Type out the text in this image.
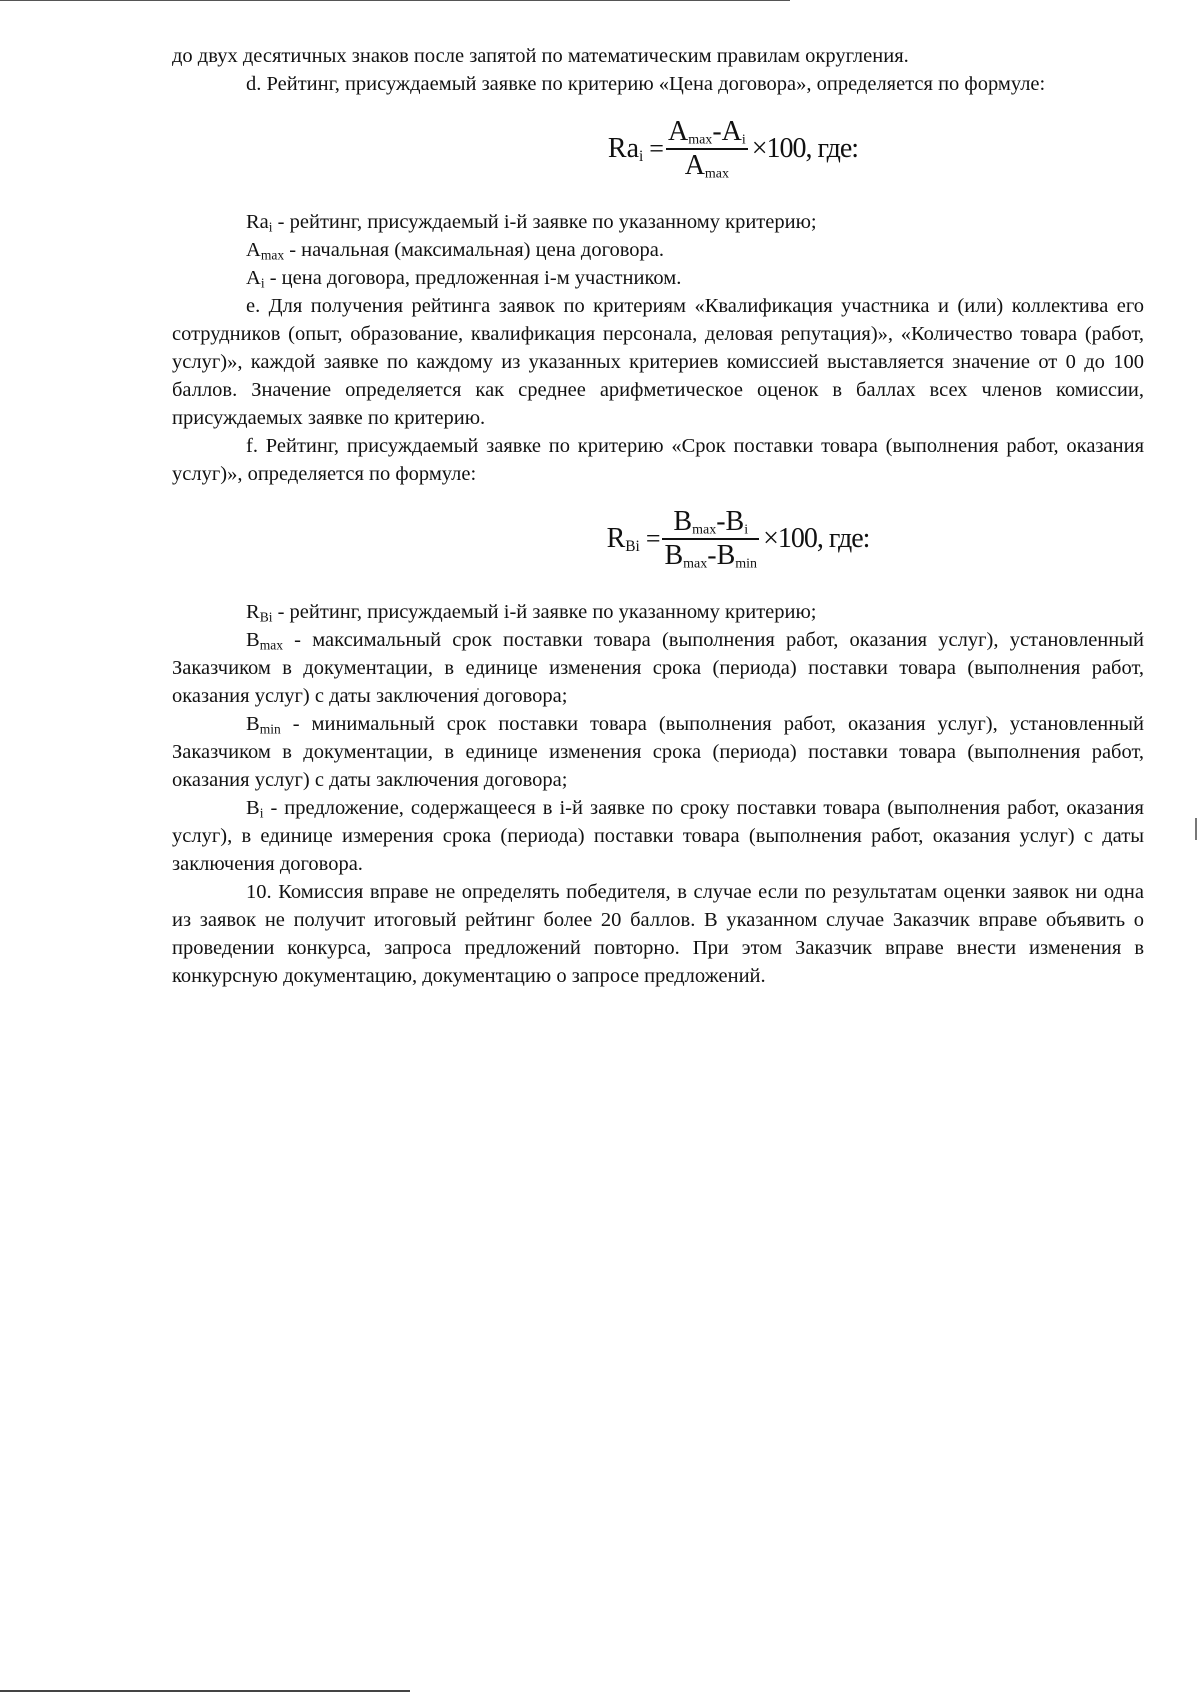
до двух десятичных знаков после запятой по математическим правилам округления.

d. Рейтинг, присуждаемый заявке по критерию «Цена договора», определяется по формуле:

$Ra_i = \frac{A_{max}-A_i}{A_{max}} \times 100$, где:

$Ra_i$ - рейтинг, присуждаемый i-й заявке по указанному критерию;

$A_{max}$ - начальная (максимальная) цена договора.

$A_i$ - цена договора, предложенная i-м участником.

e. Для получения рейтинга заявок по критериям «Квалификация участника и (или) коллектива его сотрудников (опыт, образование, квалификация персонала, деловая репутация)», «Количество товара (работ, услуг)», каждой заявке по каждому из указанных критериев комиссией выставляется значение от 0 до 100 баллов. Значение определяется как среднее арифметическое оценок в баллах всех членов комиссии, присуждаемых заявке по критерию.

f. Рейтинг, присуждаемый заявке по критерию «Срок поставки товара (выполнения работ, оказания услуг)», определяется по формуле:

$R_{Bi} = \frac{B_{max}-B_i}{B_{max}-B_{min}} \times 100$, где:

$R_{Bi}$ - рейтинг, присуждаемый i-й заявке по указанному критерию;

$B_{max}$ - максимальный срок поставки товара (выполнения работ, оказания услуг), установленный Заказчиком в документации, в единице изменения срока (периода) поставки товара (выполнения работ, оказания услуг) с даты заключения договора;

$B_{min}$ - минимальный срок поставки товара (выполнения работ, оказания услуг), установленный Заказчиком в документации, в единице изменения срока (периода) поставки товара (выполнения работ, оказания услуг) с даты заключения договора;

$B_i$ - предложение, содержащееся в i-й заявке по сроку поставки товара (выполнения работ, оказания услуг), в единице измерения срока (периода) поставки товара (выполнения работ, оказания услуг) с даты заключения договора.

10. Комиссия вправе не определять победителя, в случае если по результатам оценки заявок ни одна из заявок не получит итоговый рейтинг более 20 баллов. В указанном случае Заказчик вправе объявить о проведении конкурса, запроса предложений повторно. При этом Заказчик вправе внести изменения в конкурсную документацию, документацию о запросе предложений.
